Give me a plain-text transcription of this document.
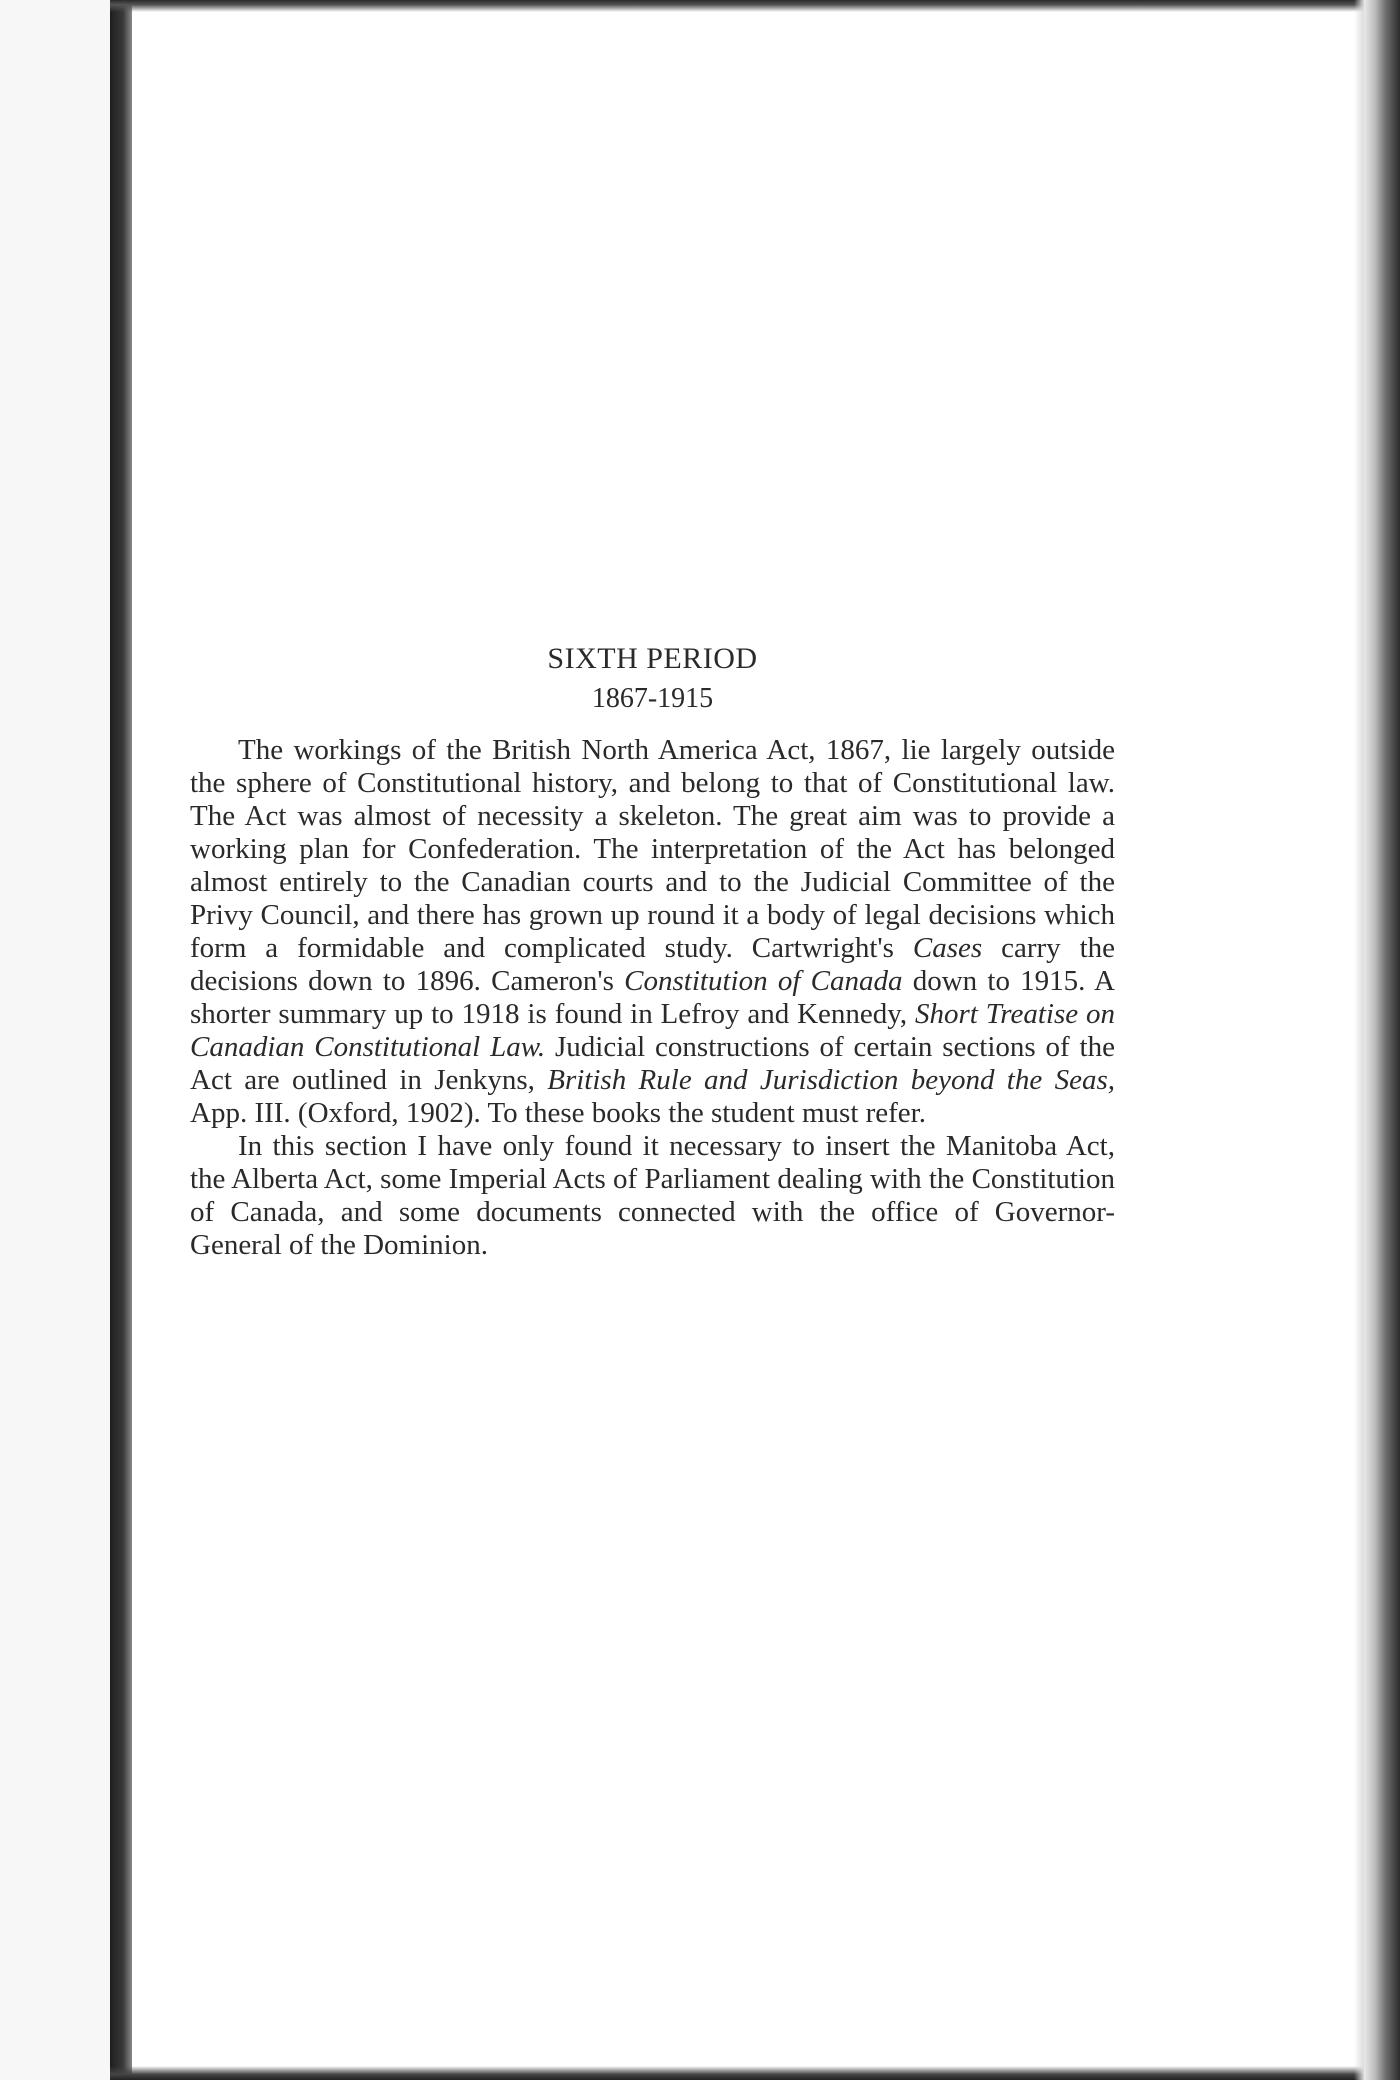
SIXTH PERIOD
1867-1915

The workings of the British North America Act, 1867, lie largely outside the sphere of Constitutional history, and belong to that of Constitutional law. The Act was almost of necessity a skeleton. The great aim was to provide a working plan for Confederation. The interpretation of the Act has belonged almost entirely to the Canadian courts and to the Judicial Committee of the Privy Council, and there has grown up round it a body of legal decisions which form a formidable and complicated study. Cartwright's Cases carry the decisions down to 1896. Cameron's Constitution of Canada down to 1915. A shorter summary up to 1918 is found in Lefroy and Kennedy, Short Treatise on Canadian Constitutional Law. Judicial constructions of certain sections of the Act are outlined in Jenkyns, British Rule and Jurisdiction beyond the Seas, App. III. (Oxford, 1902). To these books the student must refer.

In this section I have only found it necessary to insert the Manitoba Act, the Alberta Act, some Imperial Acts of Parliament dealing with the Constitution of Canada, and some documents connected with the office of Governor-General of the Dominion.
